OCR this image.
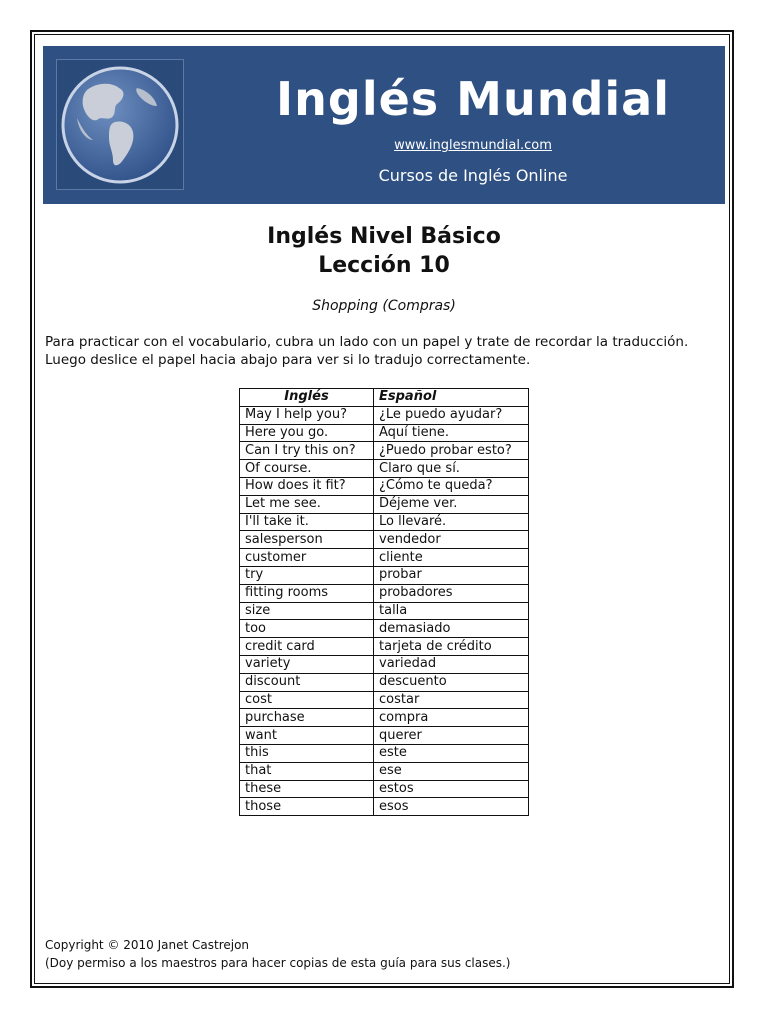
Inglés Mundial
www.inglesmundial.com
Cursos de Inglés Online
Inglés Nivel Básico
Lección 10
Shopping (Compras)
Para practicar con el vocabulario, cubra un lado con un papel y trate de recordar la traducción.
Luego deslice el papel hacia abajo para ver si lo tradujo correctamente.
Inglés	Español
May I help you?	¿Le puedo ayudar?
Here you go.	Aquí tiene.
Can I try this on?	¿Puedo probar esto?
Of course.	Claro que sí.
How does it fit?	¿Cómo te queda?
Let me see.	Déjeme ver.
I'll take it.	Lo llevaré.
salesperson	vendedor
customer	cliente
try	probar
fitting rooms	probadores
size	talla
too	demasiado
credit card	tarjeta de crédito
variety	variedad
discount	descuento
cost	costar
purchase	compra
want	querer
this	este
that	ese
these	estos
those	esos
Copyright © 2010 Janet Castrejon
(Doy permiso a los maestros para hacer copias de esta guía para sus clases.)
